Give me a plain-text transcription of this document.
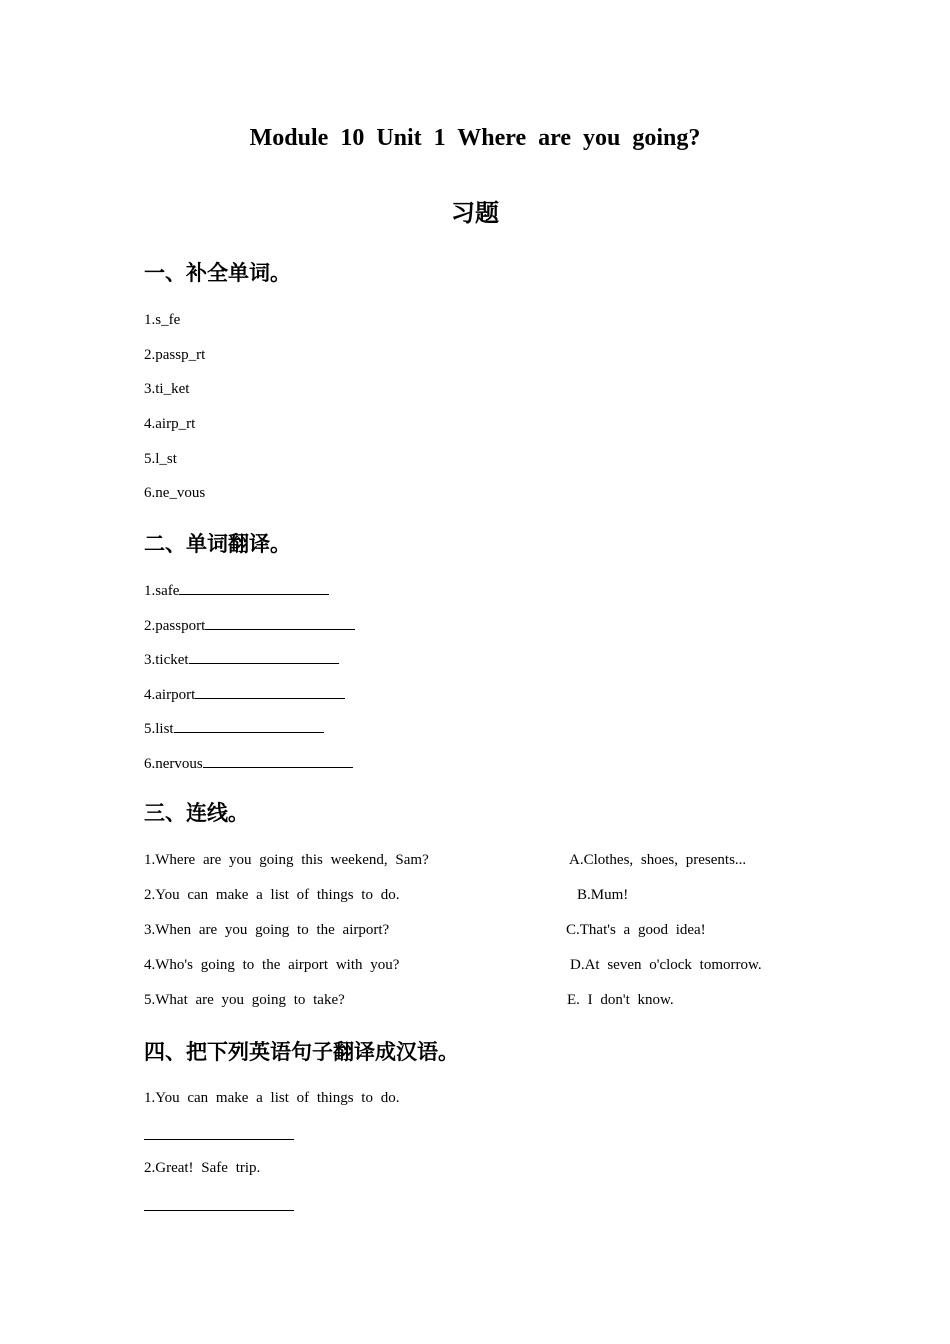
Module 10 Unit 1 Where are you going?
习题
一、补全单词。
1.s_fe
2.passp_rt
3.ti_ket
4.airp_rt
5.l_st
6.ne_vous
二、单词翻译。
1.safe
2.passport
3.ticket
4.airport
5.list
6.nervous
三、连线。
1.Where are you going this weekend, Sam?
2.You can make a list of things to do.
3.When are you going to the airport?
4.Who's going to the airport with you?
5.What are you going to take?
A.Clothes, shoes, presents...
B.Mum!
C.That's a good idea!
D.At seven o'clock tomorrow.
E. I don't know.
四、把下列英语句子翻译成汉语。
1.You can make a list of things to do.
2.Great! Safe trip.
